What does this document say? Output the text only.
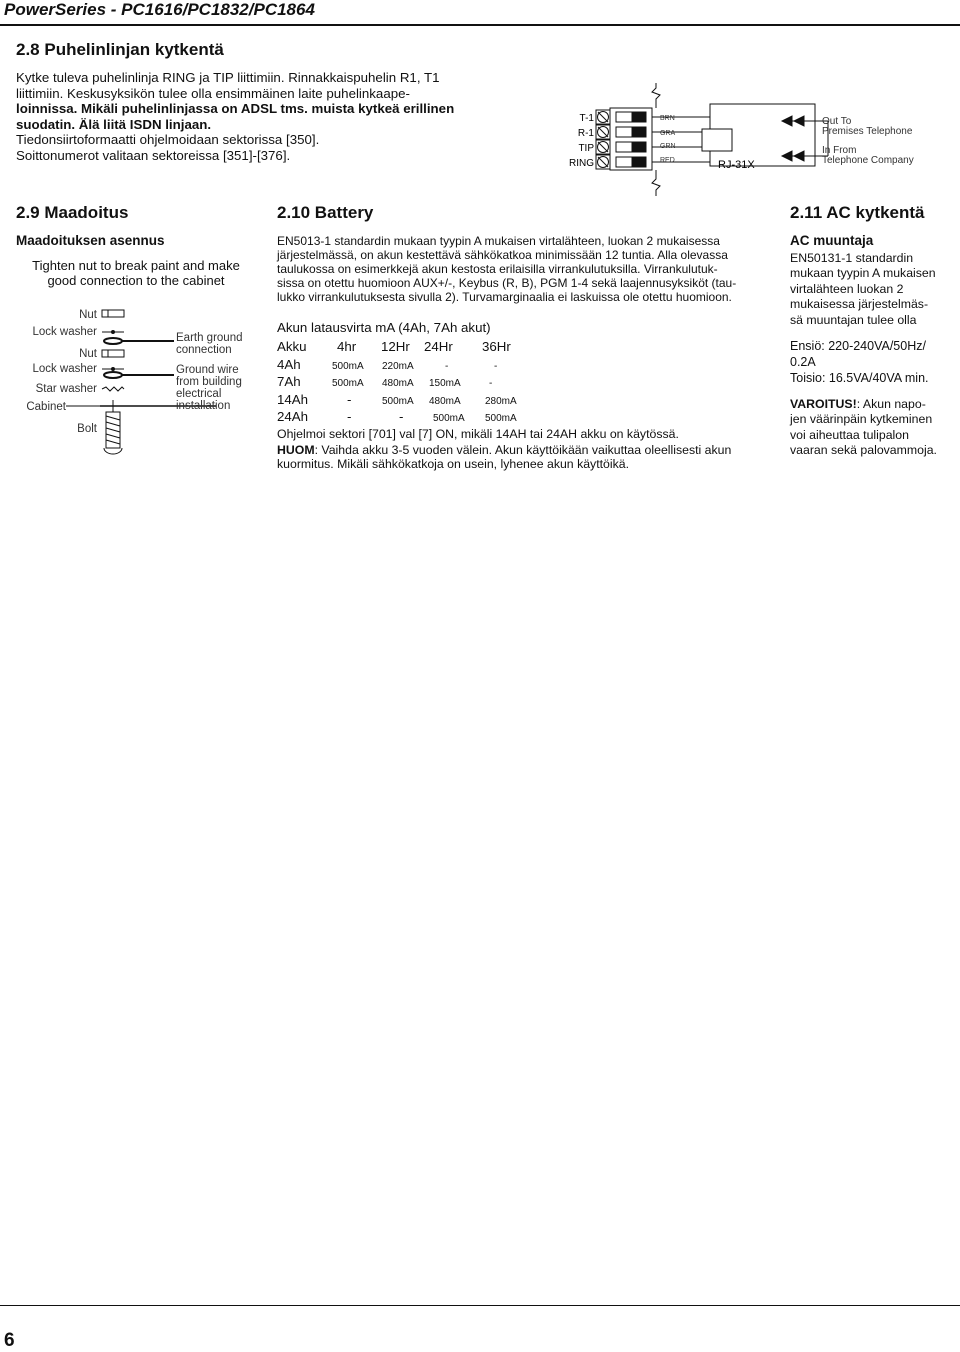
PowerSeries - PC1616/PC1832/PC1864
2.8 Puhelinlinjan kytkentä
Kytke tuleva puhelinlinja RING ja TIP liittimiin. Rinnakkaispuhelin R1, T1
liittimiin. Keskusyksikön tulee olla ensimmäinen laite puhelinkaape-
loinnissa. Mikäli puhelinlinjassa on ADSL tms. muista kytkeä erillinen
suodatin. Älä liitä ISDN linjaan.
Tiedonsiirtoformaatti ohjelmoidaan sektorissa [350].
Soittonumerot valitaan sektoreissa [351]-[376].
T-1
R-1
TIP
RING
BRN
GRA
GRN
RED	RJ-31X
Out To
Premises Telephone
In From
Telephone Company
2.9 Maadoitus
Maadoituksen asennus
Tighten nut to break paint and make
good connection to the cabinet
Nut
Lock washer
Nut
Lock washer
Star washer
Cabinet
Bolt
Earth ground
connection
Ground wire
from building
electrical
installation
2.10 Battery
EN5013-1 standardin mukaan tyypin A mukaisen virtalähteen, luokan 2 mukaisessa
järjestelmässä, on akun kestettävä sähkökatkoa minimissään 12 tuntia. Alla olevassa
taulukossa on esimerkkejä akun kestosta erilaisilla virrankulutuksilla. Virrankulutuk-
sissa on otettu huomioon AUX+/-, Keybus (R, B), PGM 1-4 sekä laajennusyksiköt (tau-
lukko virrankulutuksesta sivulla 2). Turvamarginaalia ei laskuissa ole otettu huomioon.
Akun latausvirta mA (4Ah, 7Ah akut)
Akku 4hr 12Hr 24Hr 36Hr
4Ah	500mA 220mA	-	-
7Ah	500mA 480mA 150mA	-
14Ah	-	500mA 480mA 280mA
24Ah	-	-	500mA 500mA
Ohjelmoi sektori [701] val [7] ON, mikäli 14AH tai 24AH akku on käytössä.
HUOM: Vaihda akku 3-5 vuoden välein. Akun käyttöikään vaikuttaa oleellisesti akun
kuormitus. Mikäli sähkökatkoja on usein, lyhenee akun käyttöikä.
2.11 AC kytkentä
AC muuntaja
EN50131-1 standardin
mukaan tyypin A mukaisen
virtalähteen luokan 2
mukaisessa järjestelmäs-
sä muuntajan tulee olla
Ensiö: 220-240VA/50Hz/
0.2A
Toisio: 16.5VA/40VA min.
VAROITUS!: Akun napo-
jen väärinpäin kytkeminen
voi aiheuttaa tulipalon
vaaran sekä palovammoja.
6
